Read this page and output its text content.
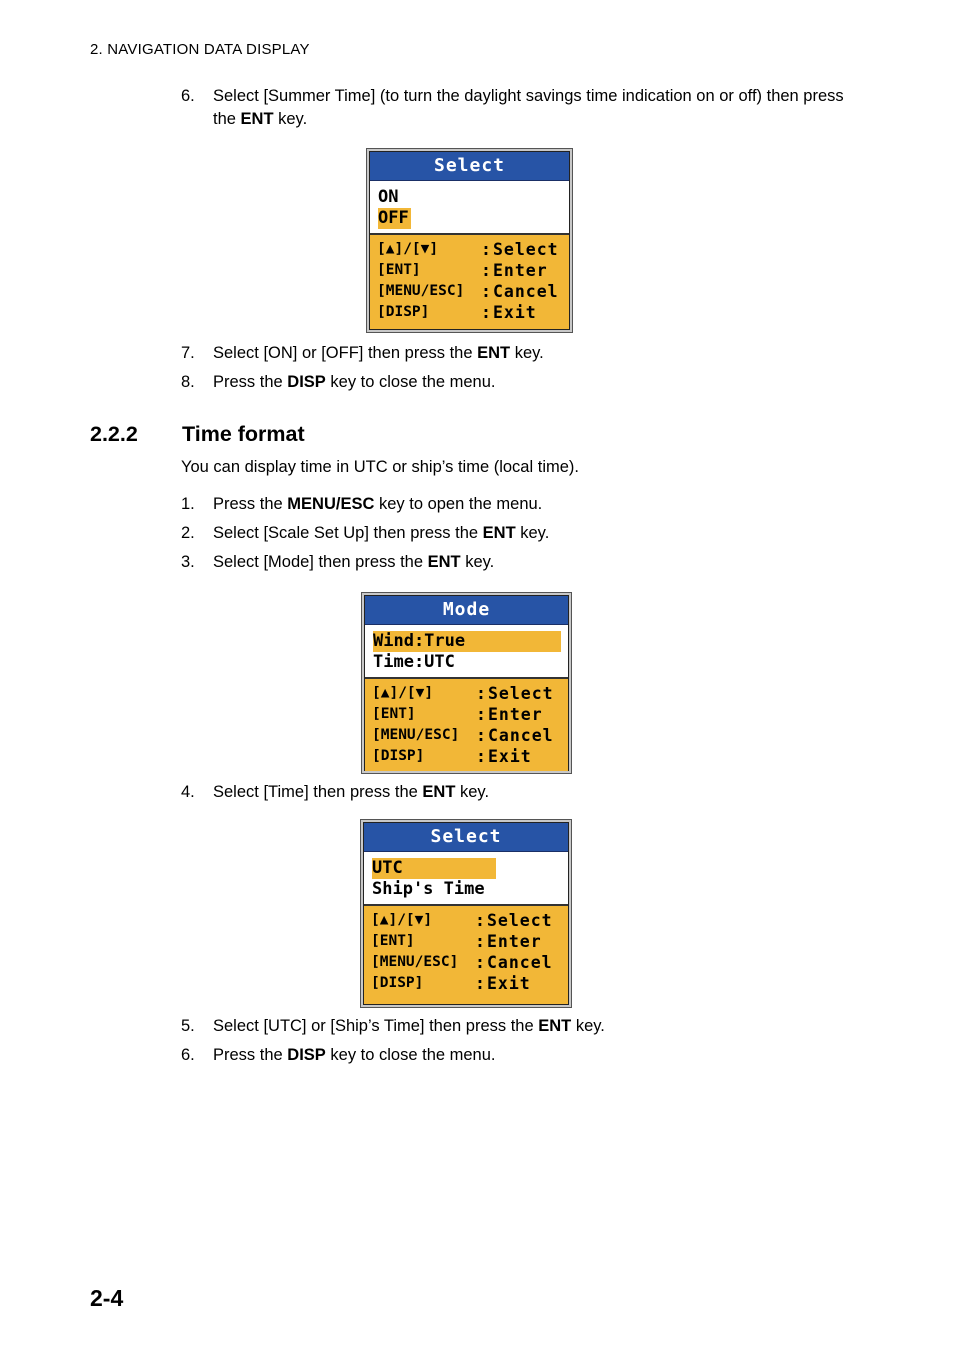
2. NAVIGATION DATA DISPLAY
6. Select [Summer Time] (to turn the daylight savings time indication on or off) then press the ENT key.
Select
ON
OFF
[▲]/[▼]	: Select
[ENT]	: Enter
[MENU/ESC]	: Cancel
[DISP]	: Exit
7. Select [ON] or [OFF] then press the ENT key.
8. Press the DISP key to close the menu.
2.2.2 Time format
You can display time in UTC or ship’s time (local time).
1. Press the MENU/ESC key to open the menu.
2. Select [Scale Set Up] then press the ENT key.
3. Select [Mode] then press the ENT key.
Mode
Wind:True
Time:UTC
[▲]/[▼]	: Select
[ENT]	: Enter
[MENU/ESC]	: Cancel
[DISP]	: Exit
4. Select [Time] then press the ENT key.
Select
UTC
Ship's Time
[▲]/[▼]	: Select
[ENT]	: Enter
[MENU/ESC]	: Cancel
[DISP]	: Exit
5. Select [UTC] or [Ship’s Time] then press the ENT key.
6. Press the DISP key to close the menu.
2-4
